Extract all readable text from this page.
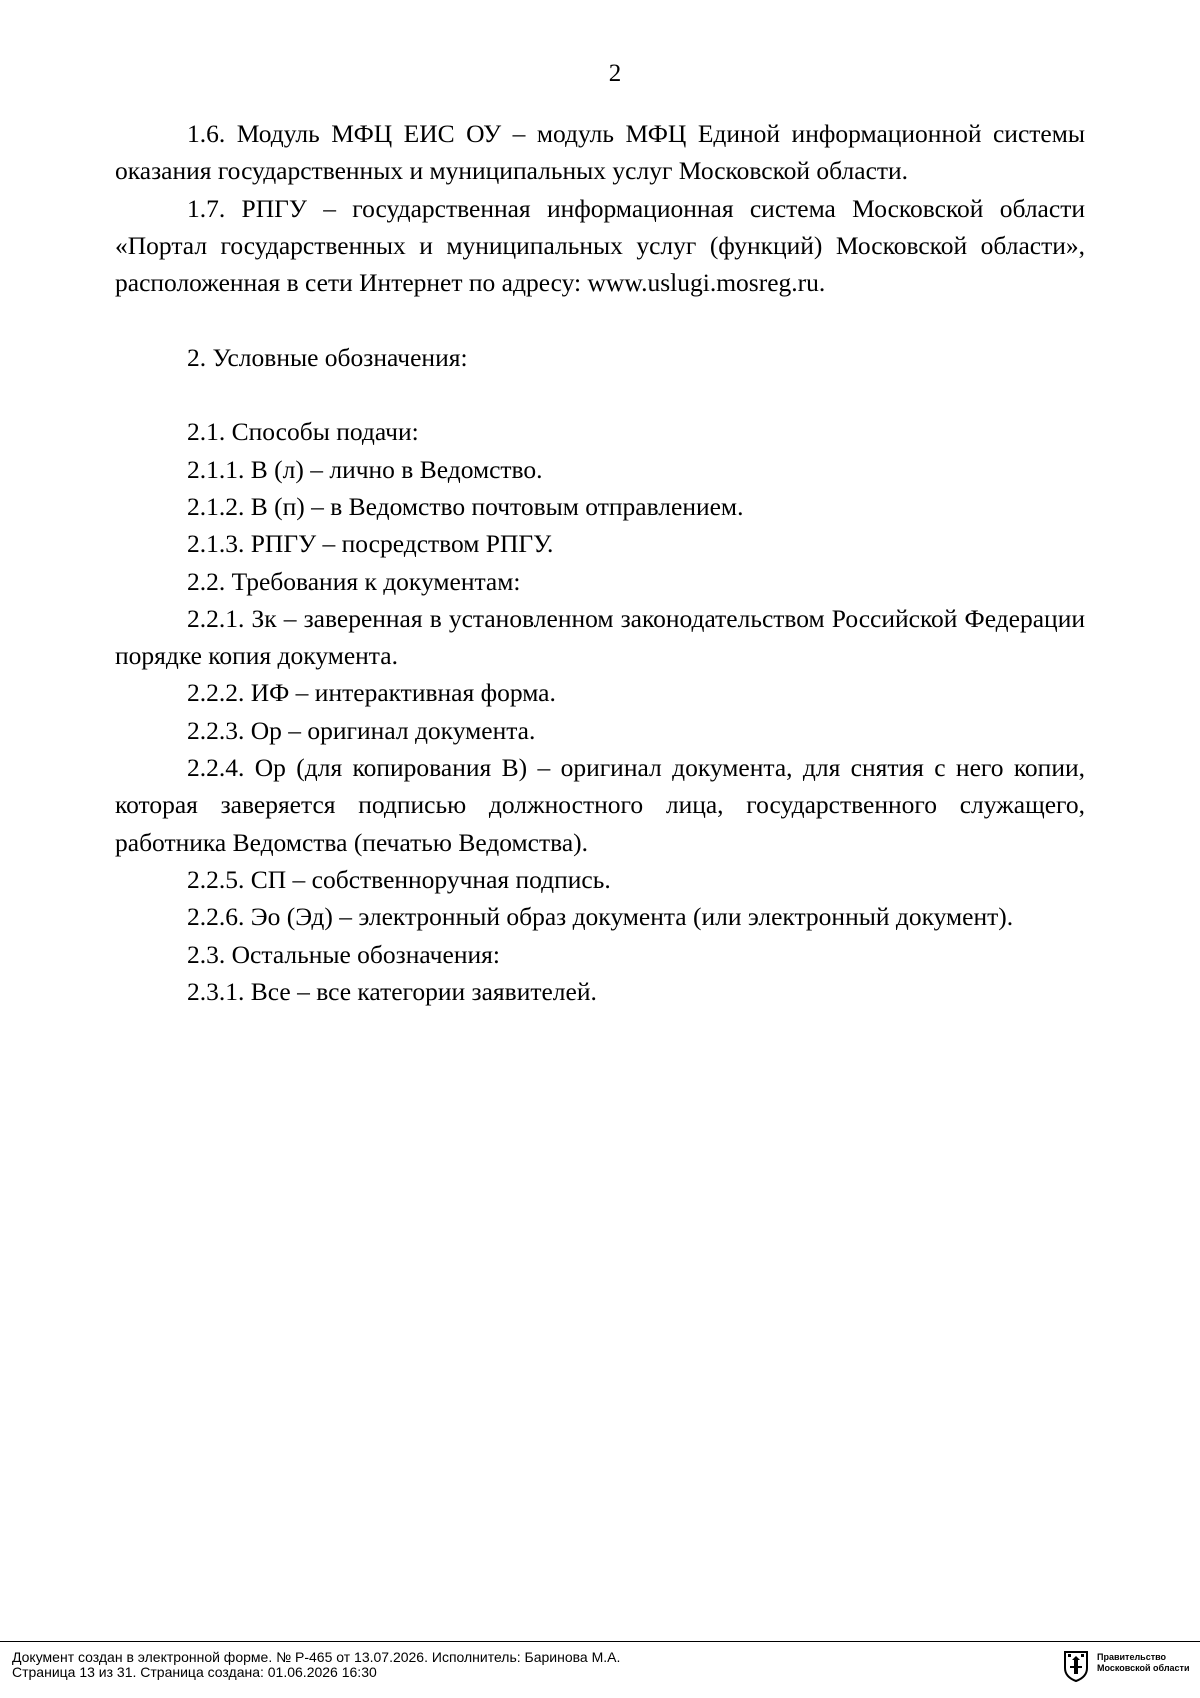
2

1.6. Модуль МФЦ ЕИС ОУ – модуль МФЦ Единой информационной системы оказания государственных и муниципальных услуг Московской области.

1.7. РПГУ – государственная информационная система Московской области «Портал государственных и муниципальных услуг (функций) Московской области», расположенная в сети Интернет по адресу: www.uslugi.mosreg.ru.

2. Условные обозначения:

2.1. Способы подачи:

2.1.1. В (л) – лично в Ведомство.

2.1.2. В (п) – в Ведомство почтовым отправлением.

2.1.3. РПГУ – посредством РПГУ.

2.2. Требования к документам:

2.2.1. Зк – заверенная в установленном законодательством Российской Федерации порядке копия документа.

2.2.2. ИФ – интерактивная форма.

2.2.3. Ор – оригинал документа.

2.2.4. Ор (для копирования В) – оригинал документа, для снятия с него копии, которая заверяется подписью должностного лица, государственного служащего, работника Ведомства (печатью Ведомства).

2.2.5. СП – собственноручная подпись.

2.2.6. Эо (Эд) – электронный образ документа (или электронный документ).

2.3. Остальные обозначения:

2.3.1. Все – все категории заявителей.

Документ создан в электронной форме. № Р-465 от 13.07.2026. Исполнитель: Баринова М.А.
Страница 13 из 31. Страница создана: 01.06.2026 16:30
Правительство
Московской области
